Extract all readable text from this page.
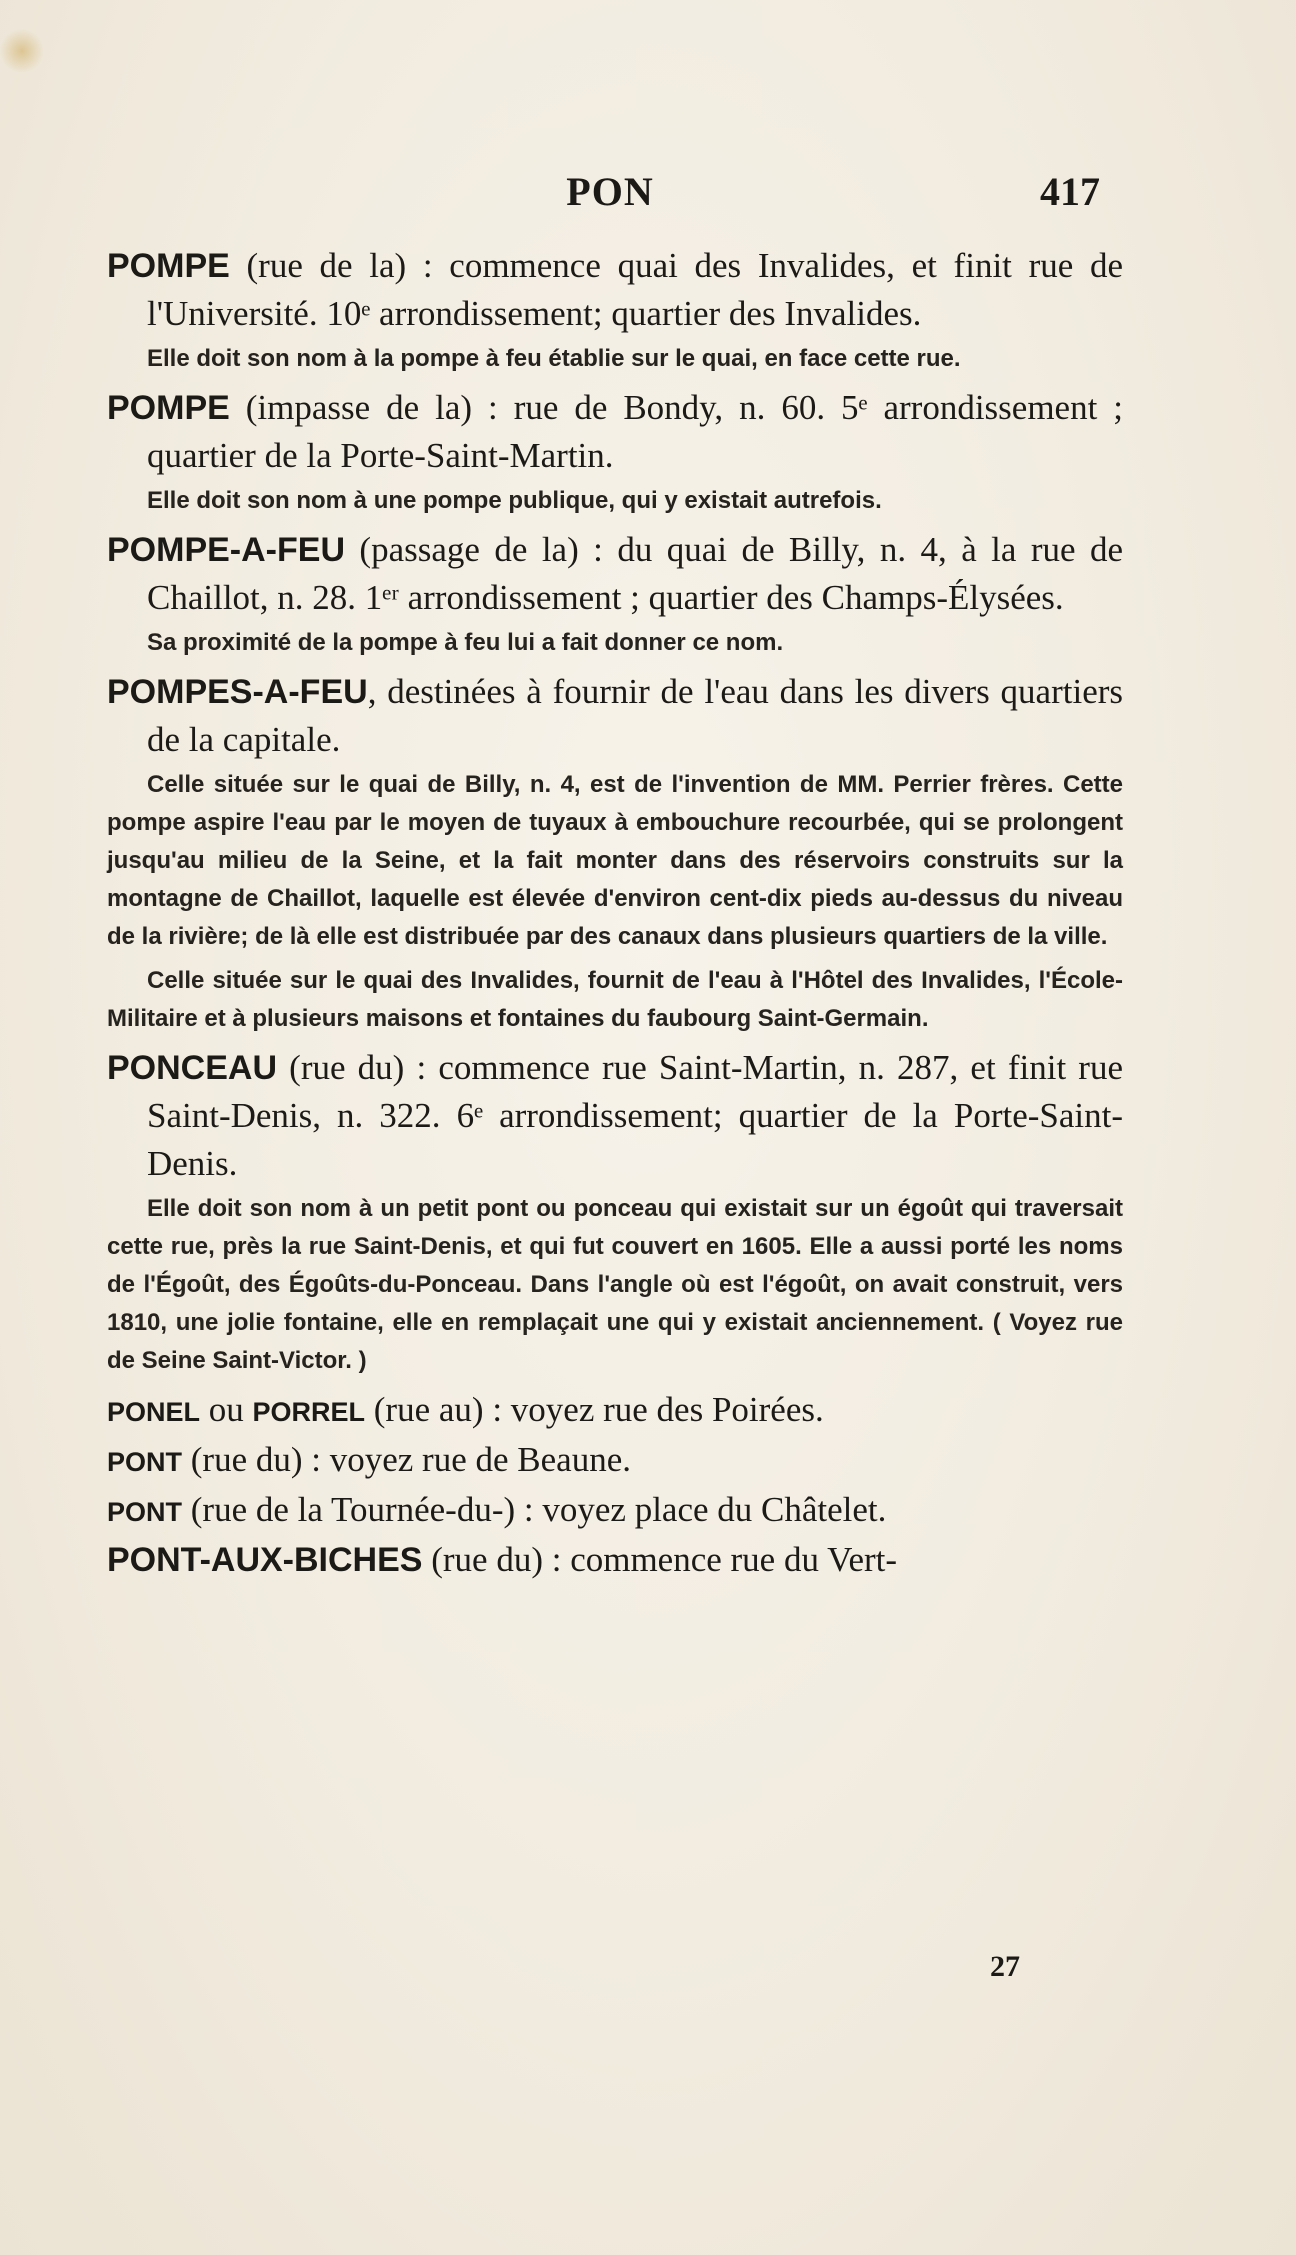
PON	417
POMPE (rue de la) : commence quai des Invalides, et finit rue de l'Université. 10ᵉ arrondissement; quartier des Invalides.
Elle doit son nom à la pompe à feu établie sur le quai, en face cette rue.
POMPE (impasse de la) : rue de Bondy, n. 60. 5ᵉ arrondissement ; quartier de la Porte-Saint-Martin.
Elle doit son nom à une pompe publique, qui y existait autrefois.
POMPE-A-FEU (passage de la) : du quai de Billy, n. 4, à la rue de Chaillot, n. 28. 1ᵉʳ arrondissement ; quartier des Champs-Élysées.
Sa proximité de la pompe à feu lui a fait donner ce nom.
POMPES-A-FEU, destinées à fournir de l'eau dans les divers quartiers de la capitale.
Celle située sur le quai de Billy, n. 4, est de l'invention de MM. Perrier frères. Cette pompe aspire l'eau par le moyen de tuyaux à embouchure recourbée, qui se prolongent jusqu'au milieu de la Seine, et la fait monter dans des réservoirs construits sur la montagne de Chaillot, laquelle est élevée d'environ cent-dix pieds au-dessus du niveau de la rivière; de là elle est distribuée par des canaux dans plusieurs quartiers de la ville.
Celle située sur le quai des Invalides, fournit de l'eau à l'Hôtel des Invalides, l'École-Militaire et à plusieurs maisons et fontaines du faubourg Saint-Germain.
PONCEAU (rue du) : commence rue Saint-Martin, n. 287, et finit rue Saint-Denis, n. 322. 6ᵉ arrondissement; quartier de la Porte-Saint-Denis.
Elle doit son nom à un petit pont ou ponceau qui existait sur un égoût qui traversait cette rue, près la rue Saint-Denis, et qui fut couvert en 1605. Elle a aussi porté les noms de l'Égoût, des Égoûts-du-Ponceau. Dans l'angle où est l'égoût, on avait construit, vers 1810, une jolie fontaine, elle en remplaçait une qui y existait anciennement. ( Voyez rue de Seine Saint-Victor. )
PONEL ou PORREL (rue au) : voyez rue des Poirées.
PONT (rue du) : voyez rue de Beaune.
PONT (rue de la Tournée-du-) : voyez place du Châtelet.
PONT-AUX-BICHES (rue du) : commence rue du Vert-
27
